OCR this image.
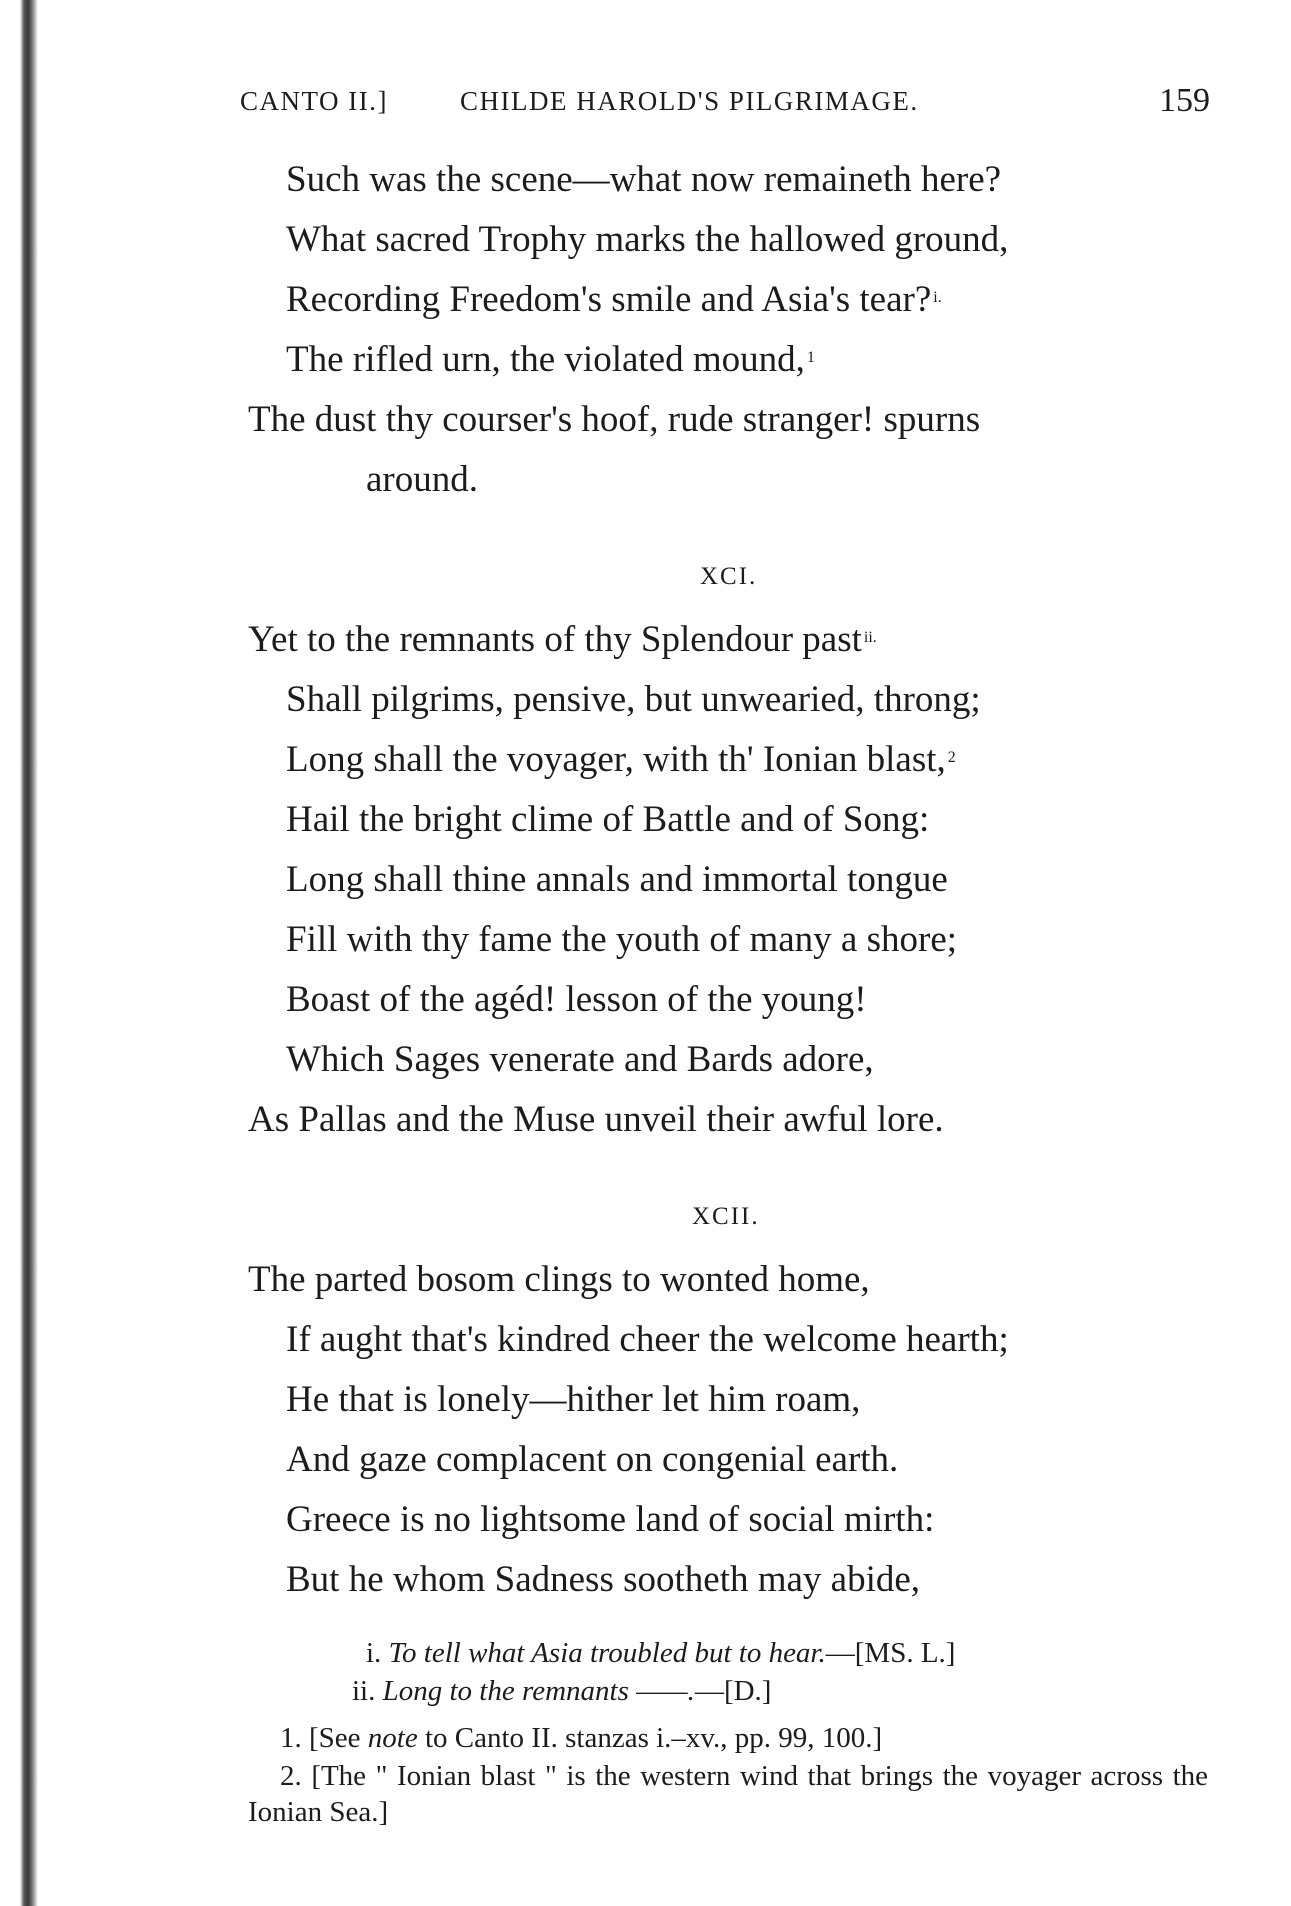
CANTO II.]	CHILDE HAROLD'S PILGRIMAGE.	159
Such was the scene—what now remaineth here?
What sacred Trophy marks the hallowed ground,
Recording Freedom's smile and Asia's tear? $^{i.}$
The rifled urn, the violated mound, $^1$
The dust thy courser's hoof, rude stranger! spurns
around.
XCI.
Yet to the remnants of thy Splendour past $^{ii.}$
Shall pilgrims, pensive, but unwearied, throng;
Long shall the voyager, with th' Ionian blast, $^2$
Hail the bright clime of Battle and of Song:
Long shall thine annals and immortal tongue
Fill with thy fame the youth of many a shore;
Boast of the agéd! lesson of the young!
Which Sages venerate and Bards adore,
As Pallas and the Muse unveil their awful lore.
XCII.
The parted bosom clings to wonted home,
If aught that's kindred cheer the welcome hearth;
He that is lonely—hither let him roam,
And gaze complacent on congenial earth.
Greece is no lightsome land of social mirth:
But he whom Sadness sootheth may abide,
i. To tell what Asia troubled but to hear.—[MS. L.]
ii. Long to the remnants ——.—[D.]
1. [See note to Canto II. stanzas i.–xv., pp. 99, 100.]
2. [The " Ionian blast " is the western wind that brings the voyager across the Ionian Sea.]
